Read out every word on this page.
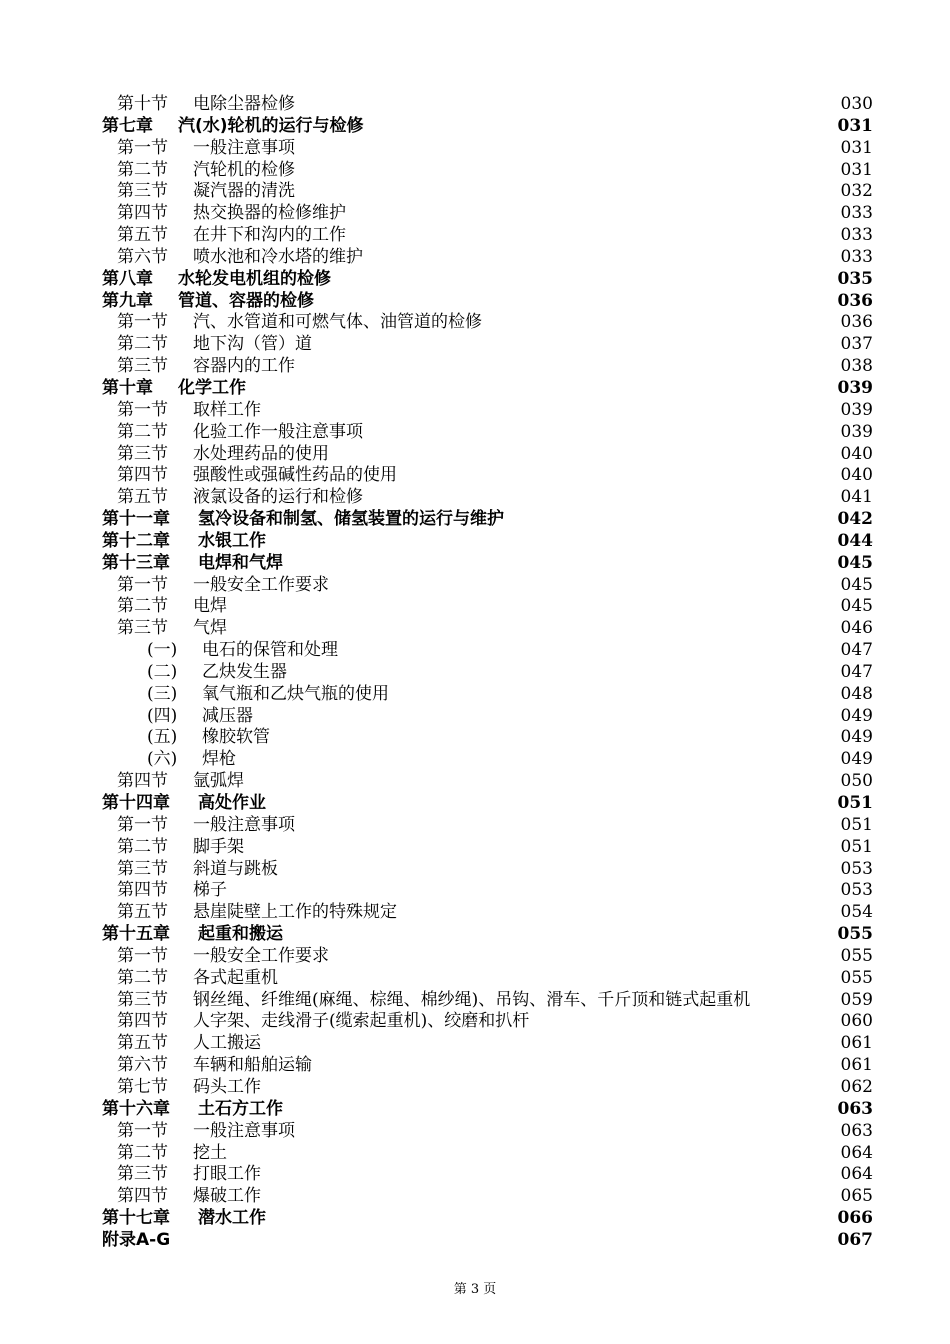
第十节 电除尘器检修	030
第七章 汽(水)轮机的运行与检修	031
第一节 一般注意事项	031
第二节 汽轮机的检修	031
第三节 凝汽器的清洗	032
第四节 热交换器的检修维护	033
第五节 在井下和沟内的工作	033
第六节 喷水池和冷水塔的维护	033
第八章 水轮发电机组的检修	035
第九章 管道、容器的检修	036
第一节 汽、水管道和可燃气体、油管道的检修	036
第二节 地下沟（管）道	037
第三节 容器内的工作	038
第十章 化学工作	039
第一节 取样工作	039
第二节 化验工作一般注意事项	039
第三节 水处理药品的使用	040
第四节 强酸性或强碱性药品的使用	040
第五节 液氯设备的运行和检修	041
第十一章 氢冷设备和制氢、储氢装置的运行与维护	042
第十二章 水银工作	044
第十三章 电焊和气焊	045
第一节 一般安全工作要求	045
第二节 电焊	045
第三节 气焊	046
(一) 电石的保管和处理	047
(二) 乙炔发生器	047
(三) 氧气瓶和乙炔气瓶的使用	048
(四) 减压器	049
(五) 橡胶软管	049
(六) 焊枪	049
第四节 氩弧焊	050
第十四章 高处作业	051
第一节 一般注意事项	051
第二节 脚手架	051
第三节 斜道与跳板	053
第四节 梯子	053
第五节 悬崖陡壁上工作的特殊规定	054
第十五章 起重和搬运	055
第一节 一般安全工作要求	055
第二节 各式起重机	055
第三节 钢丝绳、纤维绳(麻绳、棕绳、棉纱绳)、吊钩、滑车、千斤顶和链式起重机	059
第四节 人字架、走线滑子(缆索起重机)、绞磨和扒杆	060
第五节 人工搬运	061
第六节 车辆和船舶运输	061
第七节 码头工作	062
第十六章 土石方工作	063
第一节 一般注意事项	063
第二节 挖土	064
第三节 打眼工作	064
第四节 爆破工作	065
第十七章 潜水工作	066
附录A-G	067
第 3 页
